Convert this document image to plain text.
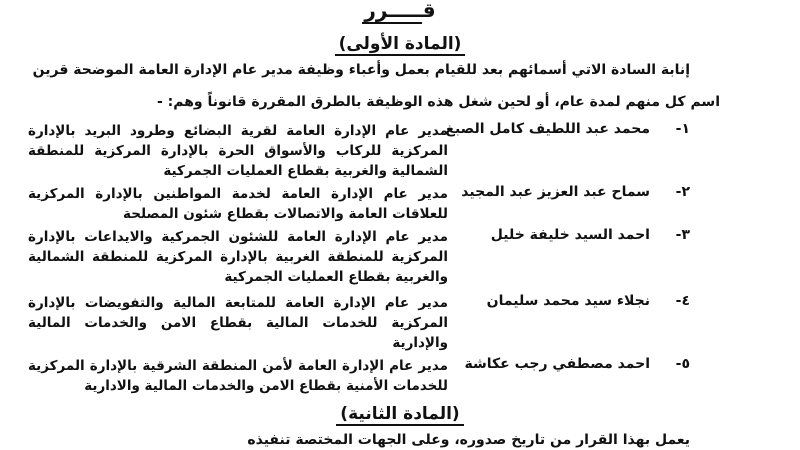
قـــــرر
(المادة الأولى)

إنابة السادة الاتي أسمائهم بعد للقيام بعمل وأعباء وظيفة مدير عام الإدارة العامة الموضحة قرين

اسم كل منهم لمدة عام، أو لحين شغل هذه الوظيفة بالطرق المقررة قانوناً وهم: -

١-
محمد عبد اللطيف كامل الصبغ

مدير عام الإدارة العامة لقرية البضائع وطرود البريد بالإدارة المركزية للركاب والأسواق الحرة بالإدارة المركزية للمنطقة الشمالية والغربية بقطاع العمليات الجمركية

٢-
سماح عبد العزيز عبد المجيد

مدير عام الإدارة العامة لخدمة المواطنين بالإدارة المركزية للعلاقات العامة والاتصالات بقطاع شئون المصلحة

٣-
احمد السيد خليفة خليل

مدير عام الإدارة العامة للشئون الجمركية والايداعات بالإدارة المركزية للمنطقة الغربية بالإدارة المركزية للمنطقة الشمالية والغربية بقطاع العمليات الجمركية

٤-
نجلاء سيد محمد سليمان

مدير عام الإدارة العامة للمتابعة المالية والتفويضات بالإدارة المركزية للخدمات المالية بقطاع الامن والخدمات المالية والإدارية

٥-
احمد مصطفي رجب عكاشة

مدير عام الإدارة العامة لأمن المنطقة الشرقية بالإدارة المركزية للخدمات الأمنية بقطاع الامن والخدمات المالية والادارية

(المادة الثانية)

يعمل بهذا القرار من تاريخ صدوره، وعلى الجهات المختصة تنفيذه
